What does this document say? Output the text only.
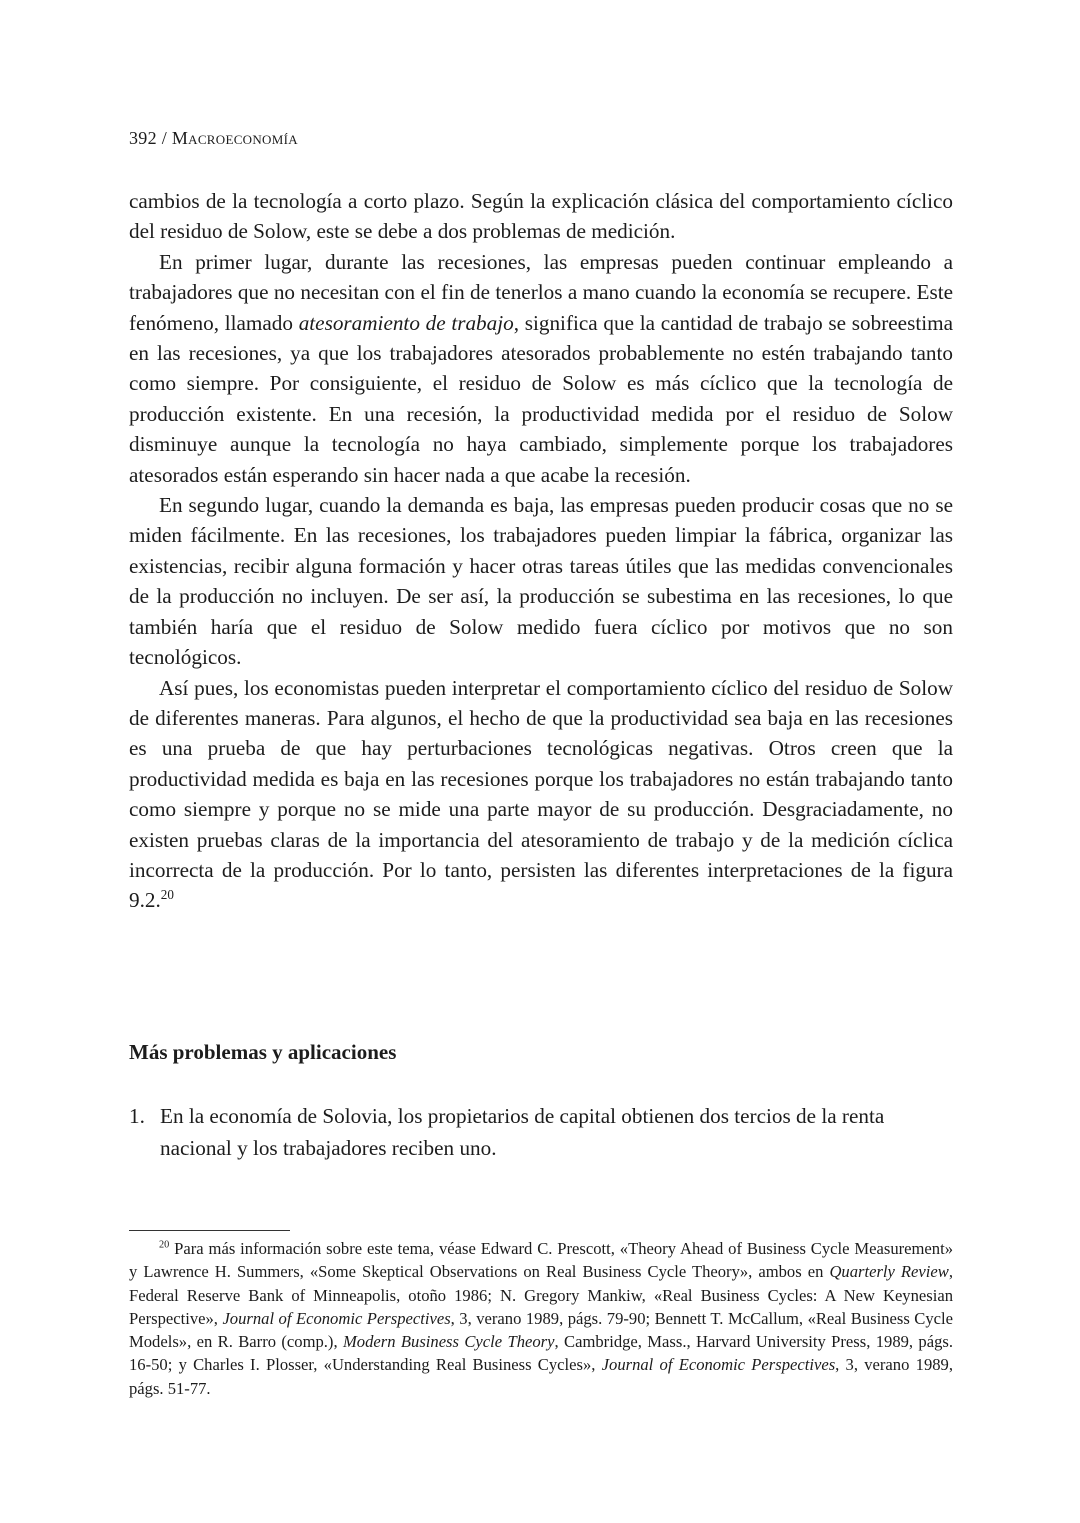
392 / Macroeconomía

cambios de la tecnología a corto plazo. Según la explicación clásica del comportamiento cíclico del residuo de Solow, este se debe a dos problemas de medición.

En primer lugar, durante las recesiones, las empresas pueden continuar empleando a trabajadores que no necesitan con el fin de tenerlos a mano cuando la economía se recupere. Este fenómeno, llamado atesoramiento de trabajo, significa que la cantidad de trabajo se sobreestima en las recesiones, ya que los trabajadores atesorados probablemente no estén trabajando tanto como siempre. Por consiguiente, el residuo de Solow es más cíclico que la tecnología de producción existente. En una recesión, la productividad medida por el residuo de Solow disminuye aunque la tecnología no haya cambiado, simplemente porque los trabajadores atesorados están esperando sin hacer nada a que acabe la recesión.

En segundo lugar, cuando la demanda es baja, las empresas pueden producir cosas que no se miden fácilmente. En las recesiones, los trabajadores pueden limpiar la fábrica, organizar las existencias, recibir alguna formación y hacer otras tareas útiles que las medidas convencionales de la producción no incluyen. De ser así, la producción se subestima en las recesiones, lo que también haría que el residuo de Solow medido fuera cíclico por motivos que no son tecnológicos.

Así pues, los economistas pueden interpretar el comportamiento cíclico del residuo de Solow de diferentes maneras. Para algunos, el hecho de que la productividad sea baja en las recesiones es una prueba de que hay perturbaciones tecnológicas negativas. Otros creen que la productividad medida es baja en las recesiones porque los trabajadores no están trabajando tanto como siempre y porque no se mide una parte mayor de su producción. Desgraciadamente, no existen pruebas claras de la importancia del atesoramiento de trabajo y de la medición cíclica incorrecta de la producción. Por lo tanto, persisten las diferentes interpretaciones de la figura 9.2.20

Más problemas y aplicaciones
1. En la economía de Solovia, los propietarios de capital obtienen dos tercios de la renta nacional y los trabajadores reciben uno.

$^{20}$ Para más información sobre este tema, véase Edward C. Prescott, «Theory Ahead of Business Cycle Measurement» y Lawrence H. Summers, «Some Skeptical Observations on Real Business Cycle Theory», ambos en Quarterly Review, Federal Reserve Bank of Minneapolis, otoño 1986; N. Gregory Mankiw, «Real Business Cycles: A New Keynesian Perspective», Journal of Economic Perspectives, 3, verano 1989, págs. 79-90; Bennett T. McCallum, «Real Business Cycle Models», en R. Barro (comp.), Modern Business Cycle Theory, Cambridge, Mass., Harvard University Press, 1989, págs. 16-50; y Charles I. Plosser, «Understanding Real Business Cycles», Journal of Economic Perspectives, 3, verano 1989, págs. 51-77.
